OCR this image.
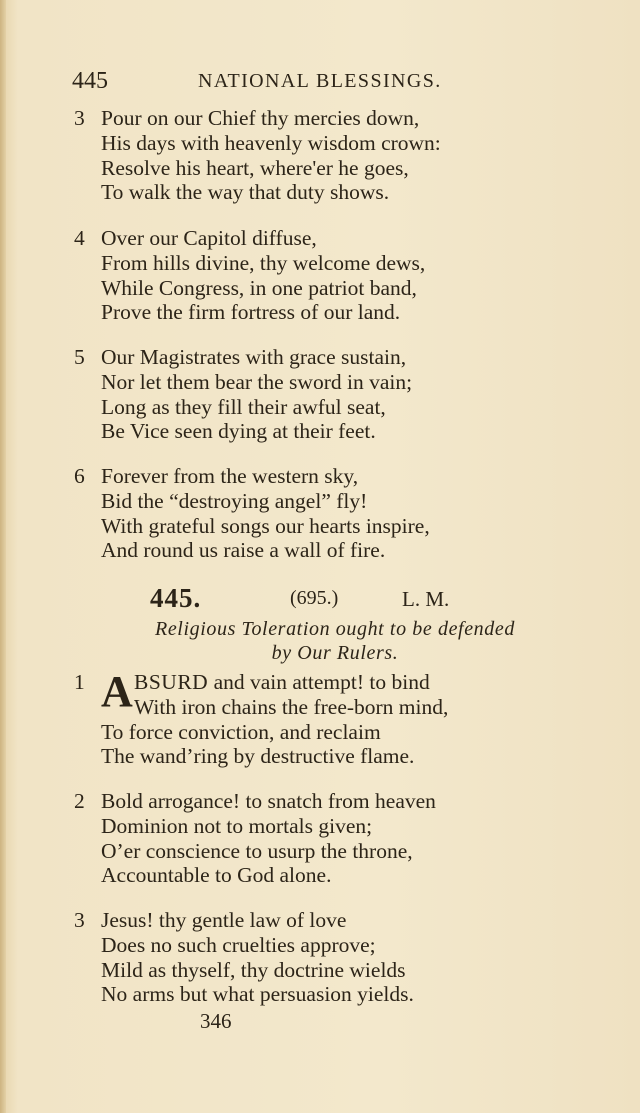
445	NATIONAL BLESSINGS.
3 Pour on our Chief thy mercies down,
His days with heavenly wisdom crown:
Resolve his heart, where'er he goes,
To walk the way that duty shows.
4 Over our Capitol diffuse,
From hills divine, thy welcome dews,
While Congress, in one patriot band,
Prove the firm fortress of our land.
5 Our Magistrates with grace sustain,
Nor let them bear the sword in vain;
Long as they fill their awful seat,
Be Vice seen dying at their feet.
6 Forever from the western sky,
Bid the “destroying angel” fly!
With grateful songs our hearts inspire,
And round us raise a wall of fire.
445.	(695.)	L. M.
Religious Toleration ought to be defended
by Our Rulers.
1 A BSURD and vain attempt! to bind
With iron chains the free-born mind,
To force conviction, and reclaim
The wand’ring by destructive flame.
2 Bold arrogance! to snatch from heaven
Dominion not to mortals given;
O’er conscience to usurp the throne,
Accountable to God alone.
3 Jesus! thy gentle law of love
Does no such cruelties approve;
Mild as thyself, thy doctrine wields
No arms but what persuasion yields.
346
